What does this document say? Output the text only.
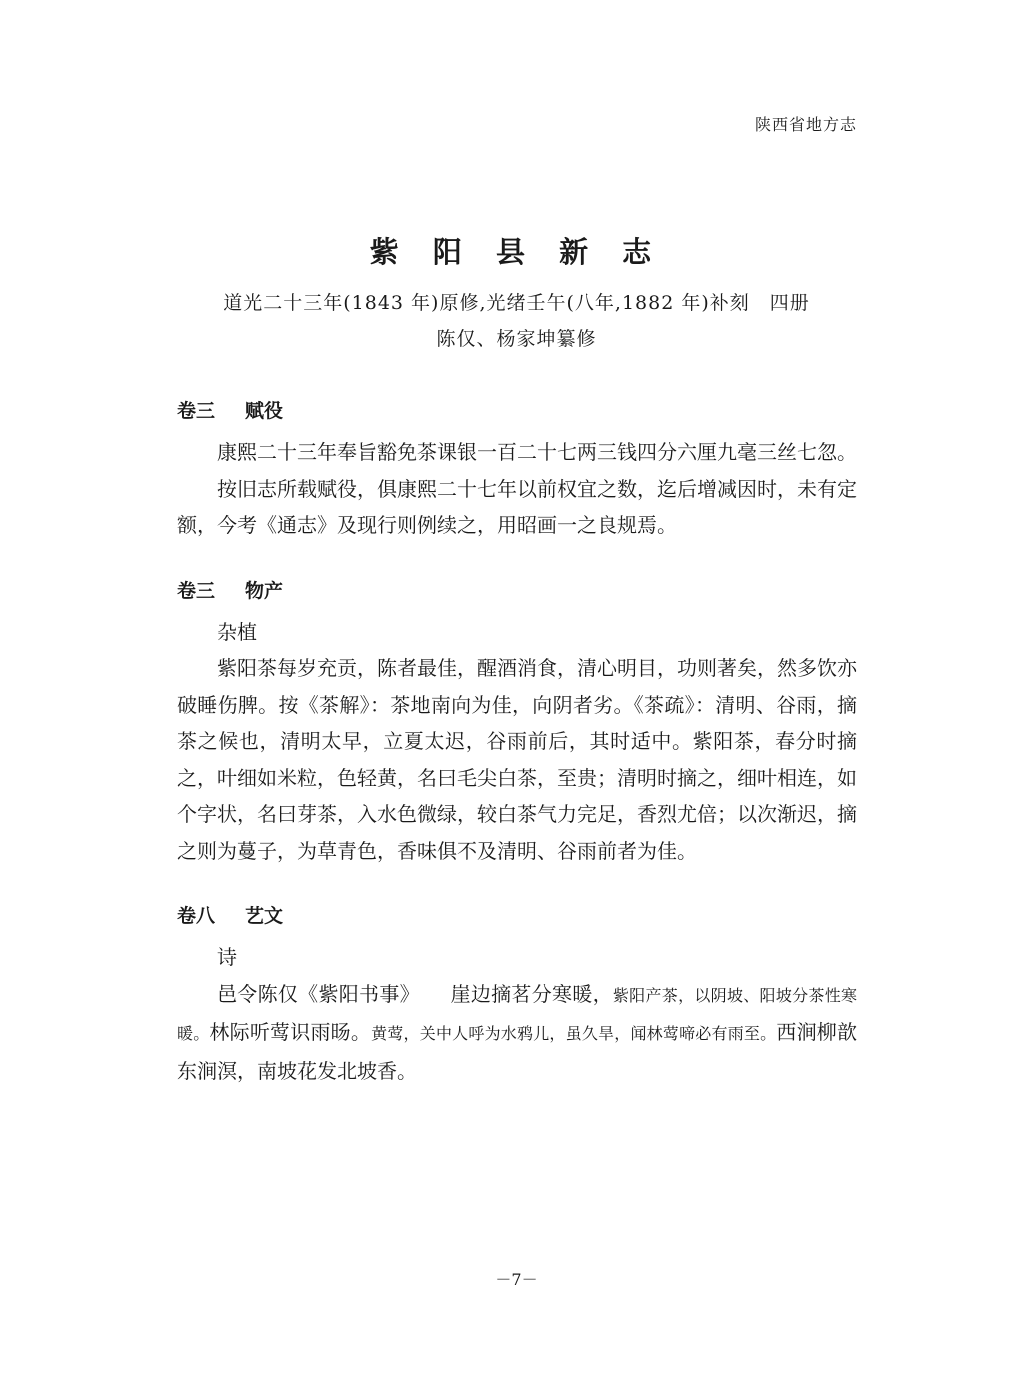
陕西省地方志
紫 阳 县 新 志
道光二十三年(1843 年)原修,光绪壬午(八年,1882 年)补刻　四册
陈仅、杨家坤纂修
卷三 赋役

康熙二十三年奉旨豁免茶课银一百二十七两三钱四分六厘九毫三丝七忽。

按旧志所载赋役，俱康熙二十七年以前权宜之数，迄后增减因时，未有定额，今考《通志》及现行则例续之，用昭画一之良规焉。

卷三 物产

杂植

紫阳茶每岁充贡，陈者最佳，醒酒消食，清心明目，功则著矣，然多饮亦破睡伤脾。按《茶解》：茶地南向为佳，向阴者劣。《茶疏》：清明、谷雨，摘茶之候也，清明太早，立夏太迟，谷雨前后，其时适中。紫阳茶，春分时摘之，叶细如米粒，色轻黄，名曰毛尖白茶，至贵；清明时摘之，细叶相连，如个字状，名曰芽茶，入水色微绿，较白茶气力完足，香烈尤倍；以次渐迟，摘之则为蔓子，为草青色，香味俱不及清明、谷雨前者为佳。

卷八 艺文

诗

邑令陈仅《紫阳书事》　　 崖边摘茗分寒暖，紫阳产茶，以阴坡、阳坡分茶性寒暖。林际听莺识雨旸。黄莺，关中人呼为水鸦儿，虽久旱，闻林莺啼必有雨至。西涧柳歆东涧溟，南坡花发北坡香。

－7－
